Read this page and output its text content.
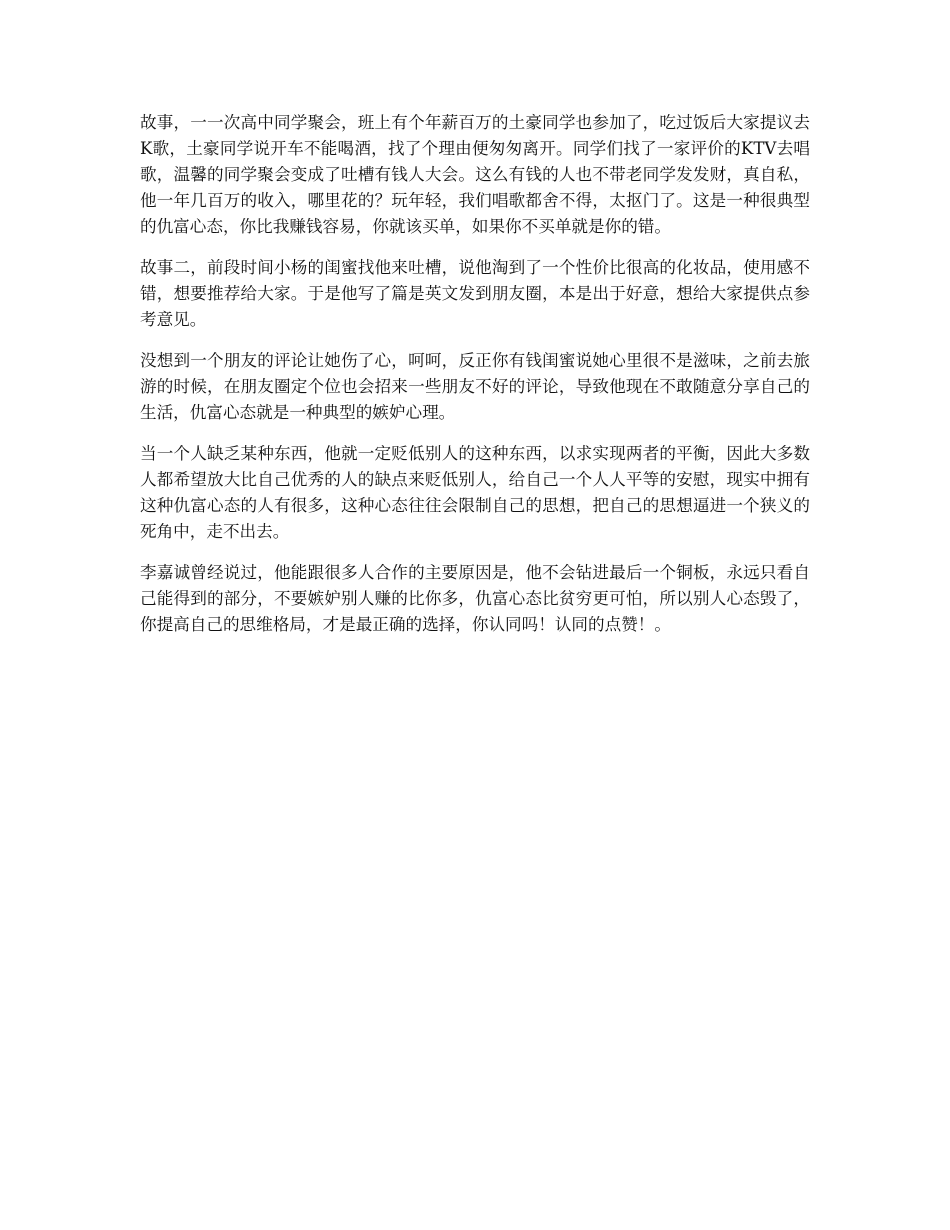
故事，一一次高中同学聚会，班上有个年薪百万的土豪同学也参加了，吃过饭后大家提议去K歌，土豪同学说开车不能喝酒，找了个理由便匆匆离开。同学们找了一家评价的KTV去唱歌，温馨的同学聚会变成了吐槽有钱人大会。这么有钱的人也不带老同学发发财，真自私，他一年几百万的收入，哪里花的？玩年轻，我们唱歌都舍不得，太抠门了。这是一种很典型的仇富心态，你比我赚钱容易，你就该买单，如果你不买单就是你的错。

故事二，前段时间小杨的闺蜜找他来吐槽，说他淘到了一个性价比很高的化妆品，使用感不错，想要推荐给大家。于是他写了篇是英文发到朋友圈，本是出于好意，想给大家提供点参考意见。

没想到一个朋友的评论让她伤了心，呵呵，反正你有钱闺蜜说她心里很不是滋味，之前去旅游的时候，在朋友圈定个位也会招来一些朋友不好的评论，导致他现在不敢随意分享自己的生活，仇富心态就是一种典型的嫉妒心理。

当一个人缺乏某种东西，他就一定贬低别人的这种东西，以求实现两者的平衡，因此大多数人都希望放大比自己优秀的人的缺点来贬低别人，给自己一个人人平等的安慰，现实中拥有这种仇富心态的人有很多，这种心态往往会限制自己的思想，把自己的思想逼进一个狭义的死角中，走不出去。

李嘉诚曾经说过，他能跟很多人合作的主要原因是，他不会钻进最后一个铜板，永远只看自己能得到的部分，不要嫉妒别人赚的比你多，仇富心态比贫穷更可怕，所以别人心态毁了，你提高自己的思维格局，才是最正确的选择，你认同吗！认同的点赞！。
